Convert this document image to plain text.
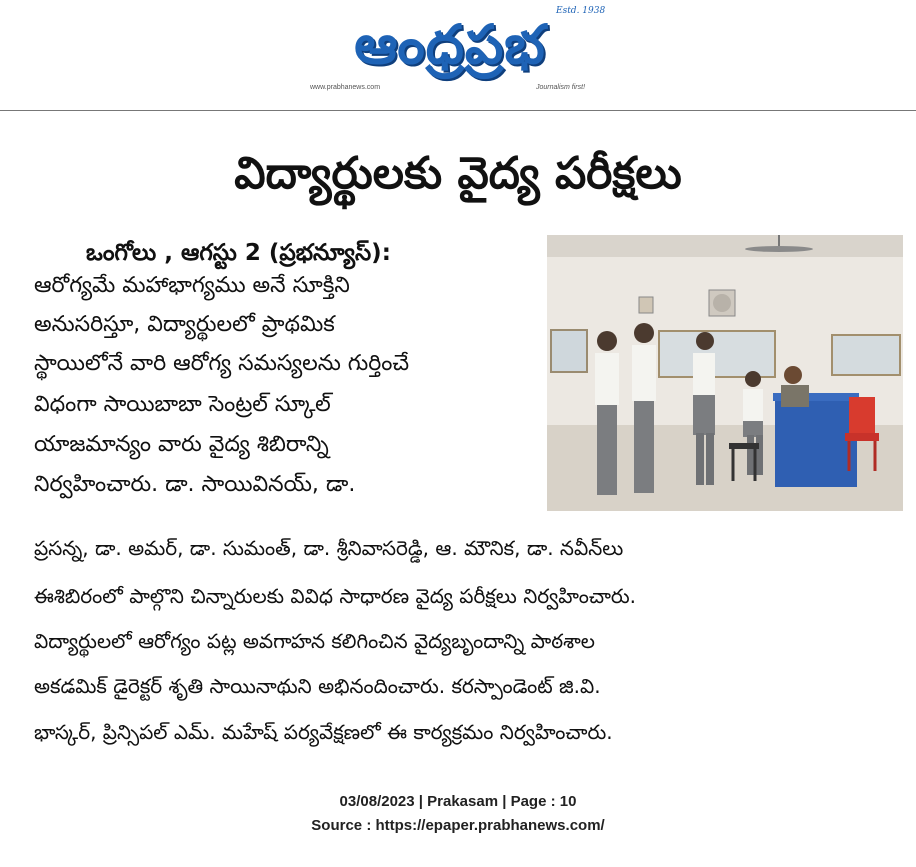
ఆంధ్రప్రభ
Estd. 1938
www.prabhanews.com	Journalism first!
విద్యార్థులకు వైద్య పరీక్షలు
ఒంగోలు , ఆగస్టు 2 (ప్రభన్యూస్‌):
ఆరోగ్యమే మహాభాగ్యము అనే సూక్తిని
అనుసరిస్తూ, విద్యార్థులలో ప్రాథమిక
స్థాయిలోనే వారి ఆరోగ్య సమస్యలను గుర్తించే
విధంగా సాయిబాబా సెంట్రల్‌ స్కూల్‌
యాజమాన్యం వారు వైద్య శిబిరాన్ని
నిర్వహించారు. డా. సాయివినయ్‌, డా.
ప్రసన్న, డా. అమర్‌, డా. సుమంత్‌, డా. శ్రీనివాసరెడ్డి, ఆ. మౌనిక, డా. నవీన్‌లు
ఈశిబిరంలో పాల్గొని చిన్నారులకు వివిధ సాధారణ వైద్య పరీక్షలు నిర్వహించారు.
విద్యార్థులలో ఆరోగ్యం పట్ల అవగాహన కలిగించిన వైద్యబృందాన్ని పాఠశాల
అకడమిక్‌ డైరెక్టర్‌ శృతి సాయినాథుని అభినందించారు. కరస్పాండెంట్‌ జి.వి.
భాస్కర్‌, ప్రిన్సిపల్‌ ఎమ్‌. మహేష్‌ పర్యవేక్షణలో ఈ కార్యక్రమం నిర్వహించారు.
03/08/2023 | Prakasam | Page : 10
Source : https://epaper.prabhanews.com/
